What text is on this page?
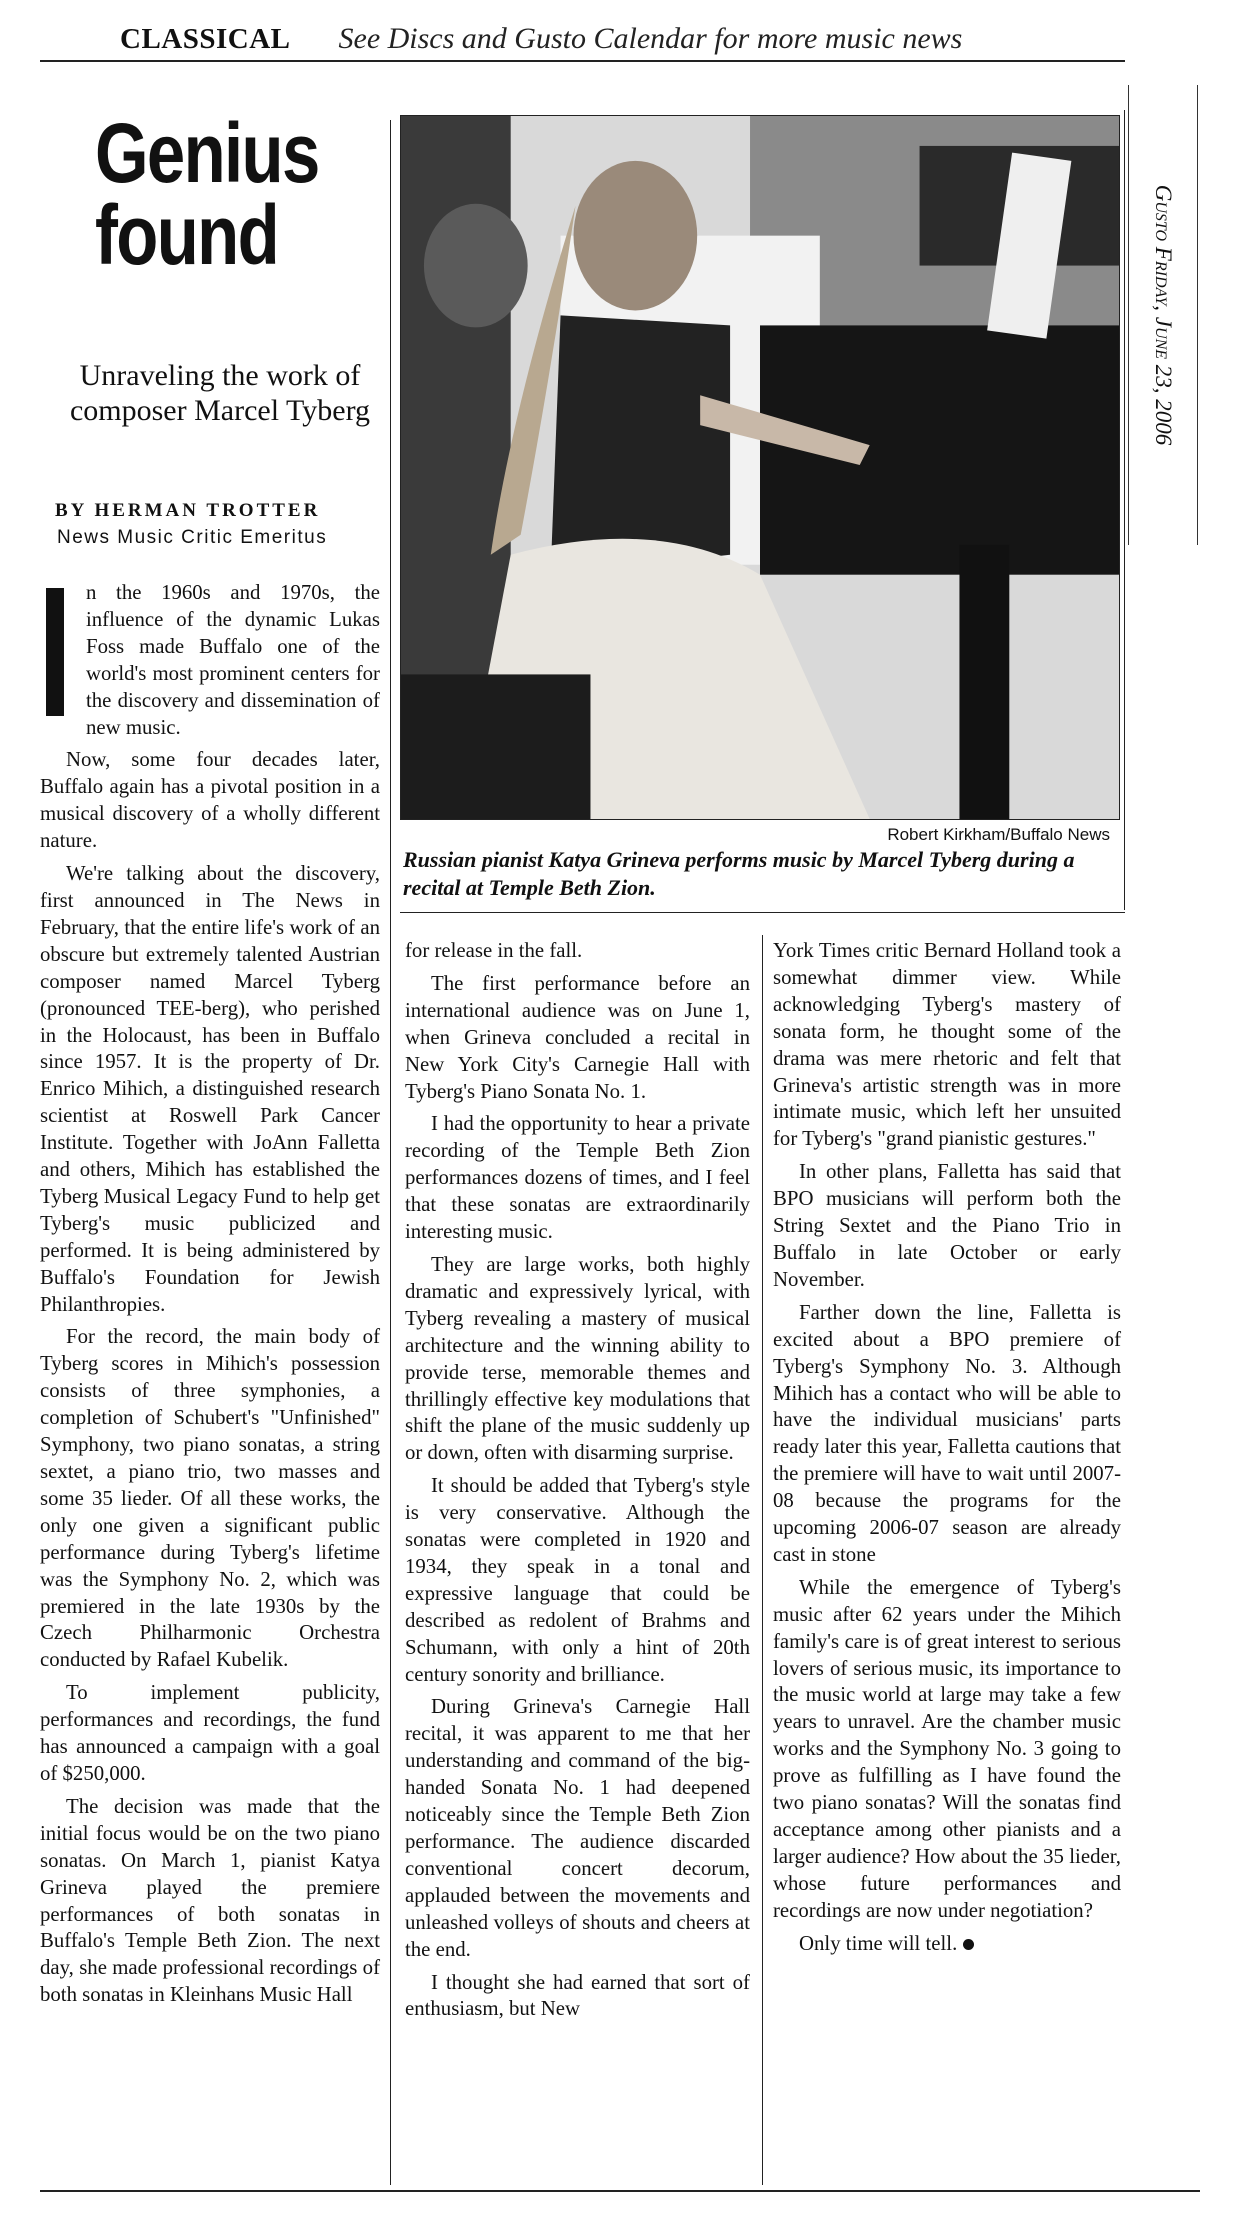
CLASSICAL See Discs and Gusto Calendar for more music news
Gusto Friday, June 23, 2006
Genius
found
Unraveling the work of composer Marcel Tyberg
BY HERMAN TROTTER
News Music Critic Emeritus
Robert Kirkham/Buffalo News
Russian pianist Katya Grineva performs music by Marcel Tyberg during a recital at Temple Beth Zion.

n the 1960s and 1970s, the influence of the dynamic Lukas Foss made Buffalo one of the world's most prominent centers for the discovery and dissemination of new music.

Now, some four decades later, Buffalo again has a pivotal position in a musical discovery of a wholly different nature.

We're talking about the discovery, first announced in The News in February, that the entire life's work of an obscure but extremely talented Austrian composer named Marcel Tyberg (pronounced TEE-berg), who perished in the Holocaust, has been in Buffalo since 1957. It is the property of Dr. Enrico Mihich, a distinguished research scientist at Roswell Park Cancer Institute. Together with JoAnn Falletta and others, Mihich has established the Tyberg Musical Legacy Fund to help get Tyberg's music publicized and performed. It is being administered by Buffalo's Foundation for Jewish Philanthropies.

For the record, the main body of Tyberg scores in Mihich's possession consists of three symphonies, a completion of Schubert's "Unfinished" Symphony, two piano sonatas, a string sextet, a piano trio, two masses and some 35 lieder. Of all these works, the only one given a significant public performance during Tyberg's lifetime was the Symphony No. 2, which was premiered in the late 1930s by the Czech Philharmonic Orchestra conducted by Rafael Kubelik.

To implement publicity, performances and recordings, the fund has announced a campaign with a goal of $250,000.

The decision was made that the initial focus would be on the two piano sonatas. On March 1, pianist Katya Grineva played the premiere performances of both sonatas in Buffalo's Temple Beth Zion. The next day, she made professional recordings of both sonatas in Kleinhans Music Hall

for release in the fall.

The first performance before an international audience was on June 1, when Grineva concluded a recital in New York City's Carnegie Hall with Tyberg's Piano Sonata No. 1.

I had the opportunity to hear a private recording of the Temple Beth Zion performances dozens of times, and I feel that these sonatas are extraordinarily interesting music.

They are large works, both highly dramatic and expressively lyrical, with Tyberg revealing a mastery of musical architecture and the winning ability to provide terse, memorable themes and thrillingly effective key modulations that shift the plane of the music suddenly up or down, often with disarming surprise.

It should be added that Tyberg's style is very conservative. Although the sonatas were completed in 1920 and 1934, they speak in a tonal and expressive language that could be described as redolent of Brahms and Schumann, with only a hint of 20th century sonority and brilliance.

During Grineva's Carnegie Hall recital, it was apparent to me that her understanding and command of the big-handed Sonata No. 1 had deepened noticeably since the Temple Beth Zion performance. The audience discarded conventional concert decorum, applauded between the movements and unleashed volleys of shouts and cheers at the end.

I thought she had earned that sort of enthusiasm, but New

York Times critic Bernard Holland took a somewhat dimmer view. While acknowledging Tyberg's mastery of sonata form, he thought some of the drama was mere rhetoric and felt that Grineva's artistic strength was in more intimate music, which left her unsuited for Tyberg's "grand pianistic gestures."

In other plans, Falletta has said that BPO musicians will perform both the String Sextet and the Piano Trio in Buffalo in late October or early November.

Farther down the line, Falletta is excited about a BPO premiere of Tyberg's Symphony No. 3. Although Mihich has a contact who will be able to have the individual musicians' parts ready later this year, Falletta cautions that the premiere will have to wait until 2007-08 because the programs for the upcoming 2006-07 season are already cast in stone

While the emergence of Tyberg's music after 62 years under the Mihich family's care is of great interest to serious lovers of serious music, its importance to the music world at large may take a few years to unravel. Are the chamber music works and the Symphony No. 3 going to prove as fulfilling as I have found the two piano sonatas? Will the sonatas find acceptance among other pianists and a larger audience? How about the 35 lieder, whose future performances and recordings are now under negotiation?

Only time will tell.
